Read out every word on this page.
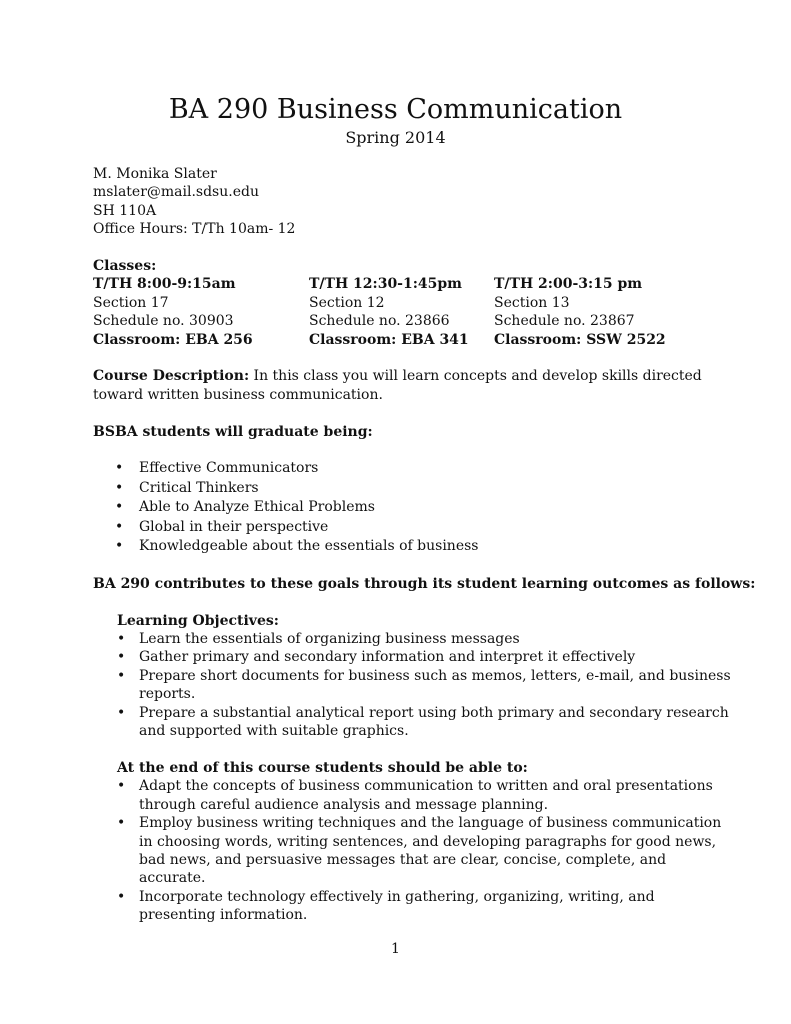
BA 290 Business Communication
Spring 2014
M. Monika Slater
mslater@mail.sdsu.edu
SH 110A
Office Hours: T/Th 10am- 12
Classes:
T/TH 8:00-9:15am
Section 17
Schedule no. 30903
Classroom: EBA 256
T/TH 12:30-1:45pm
Section 12
Schedule no. 23866
Classroom: EBA 341
T/TH 2:00-3:15 pm
Section 13
Schedule no. 23867
Classroom: SSW 2522
Course Description: In this class you will learn concepts and develop skills directed
toward written business communication.
BSBA students will graduate being:
• Effective Communicators
• Critical Thinkers
• Able to Analyze Ethical Problems
• Global in their perspective
• Knowledgeable about the essentials of business
BA 290 contributes to these goals through its student learning outcomes as follows:
Learning Objectives:
• Learn the essentials of organizing business messages
• Gather primary and secondary information and interpret it effectively
• Prepare short documents for business such as memos, letters, e-mail, and business reports.
• Prepare a substantial analytical report using both primary and secondary research and supported with suitable graphics.
At the end of this course students should be able to:
• Adapt the concepts of business communication to written and oral presentations through careful audience analysis and message planning.
• Employ business writing techniques and the language of business communication in choosing words, writing sentences, and developing paragraphs for good news, bad news, and persuasive messages that are clear, concise, complete, and accurate.
• Incorporate technology effectively in gathering, organizing, writing, and presenting information.
1
